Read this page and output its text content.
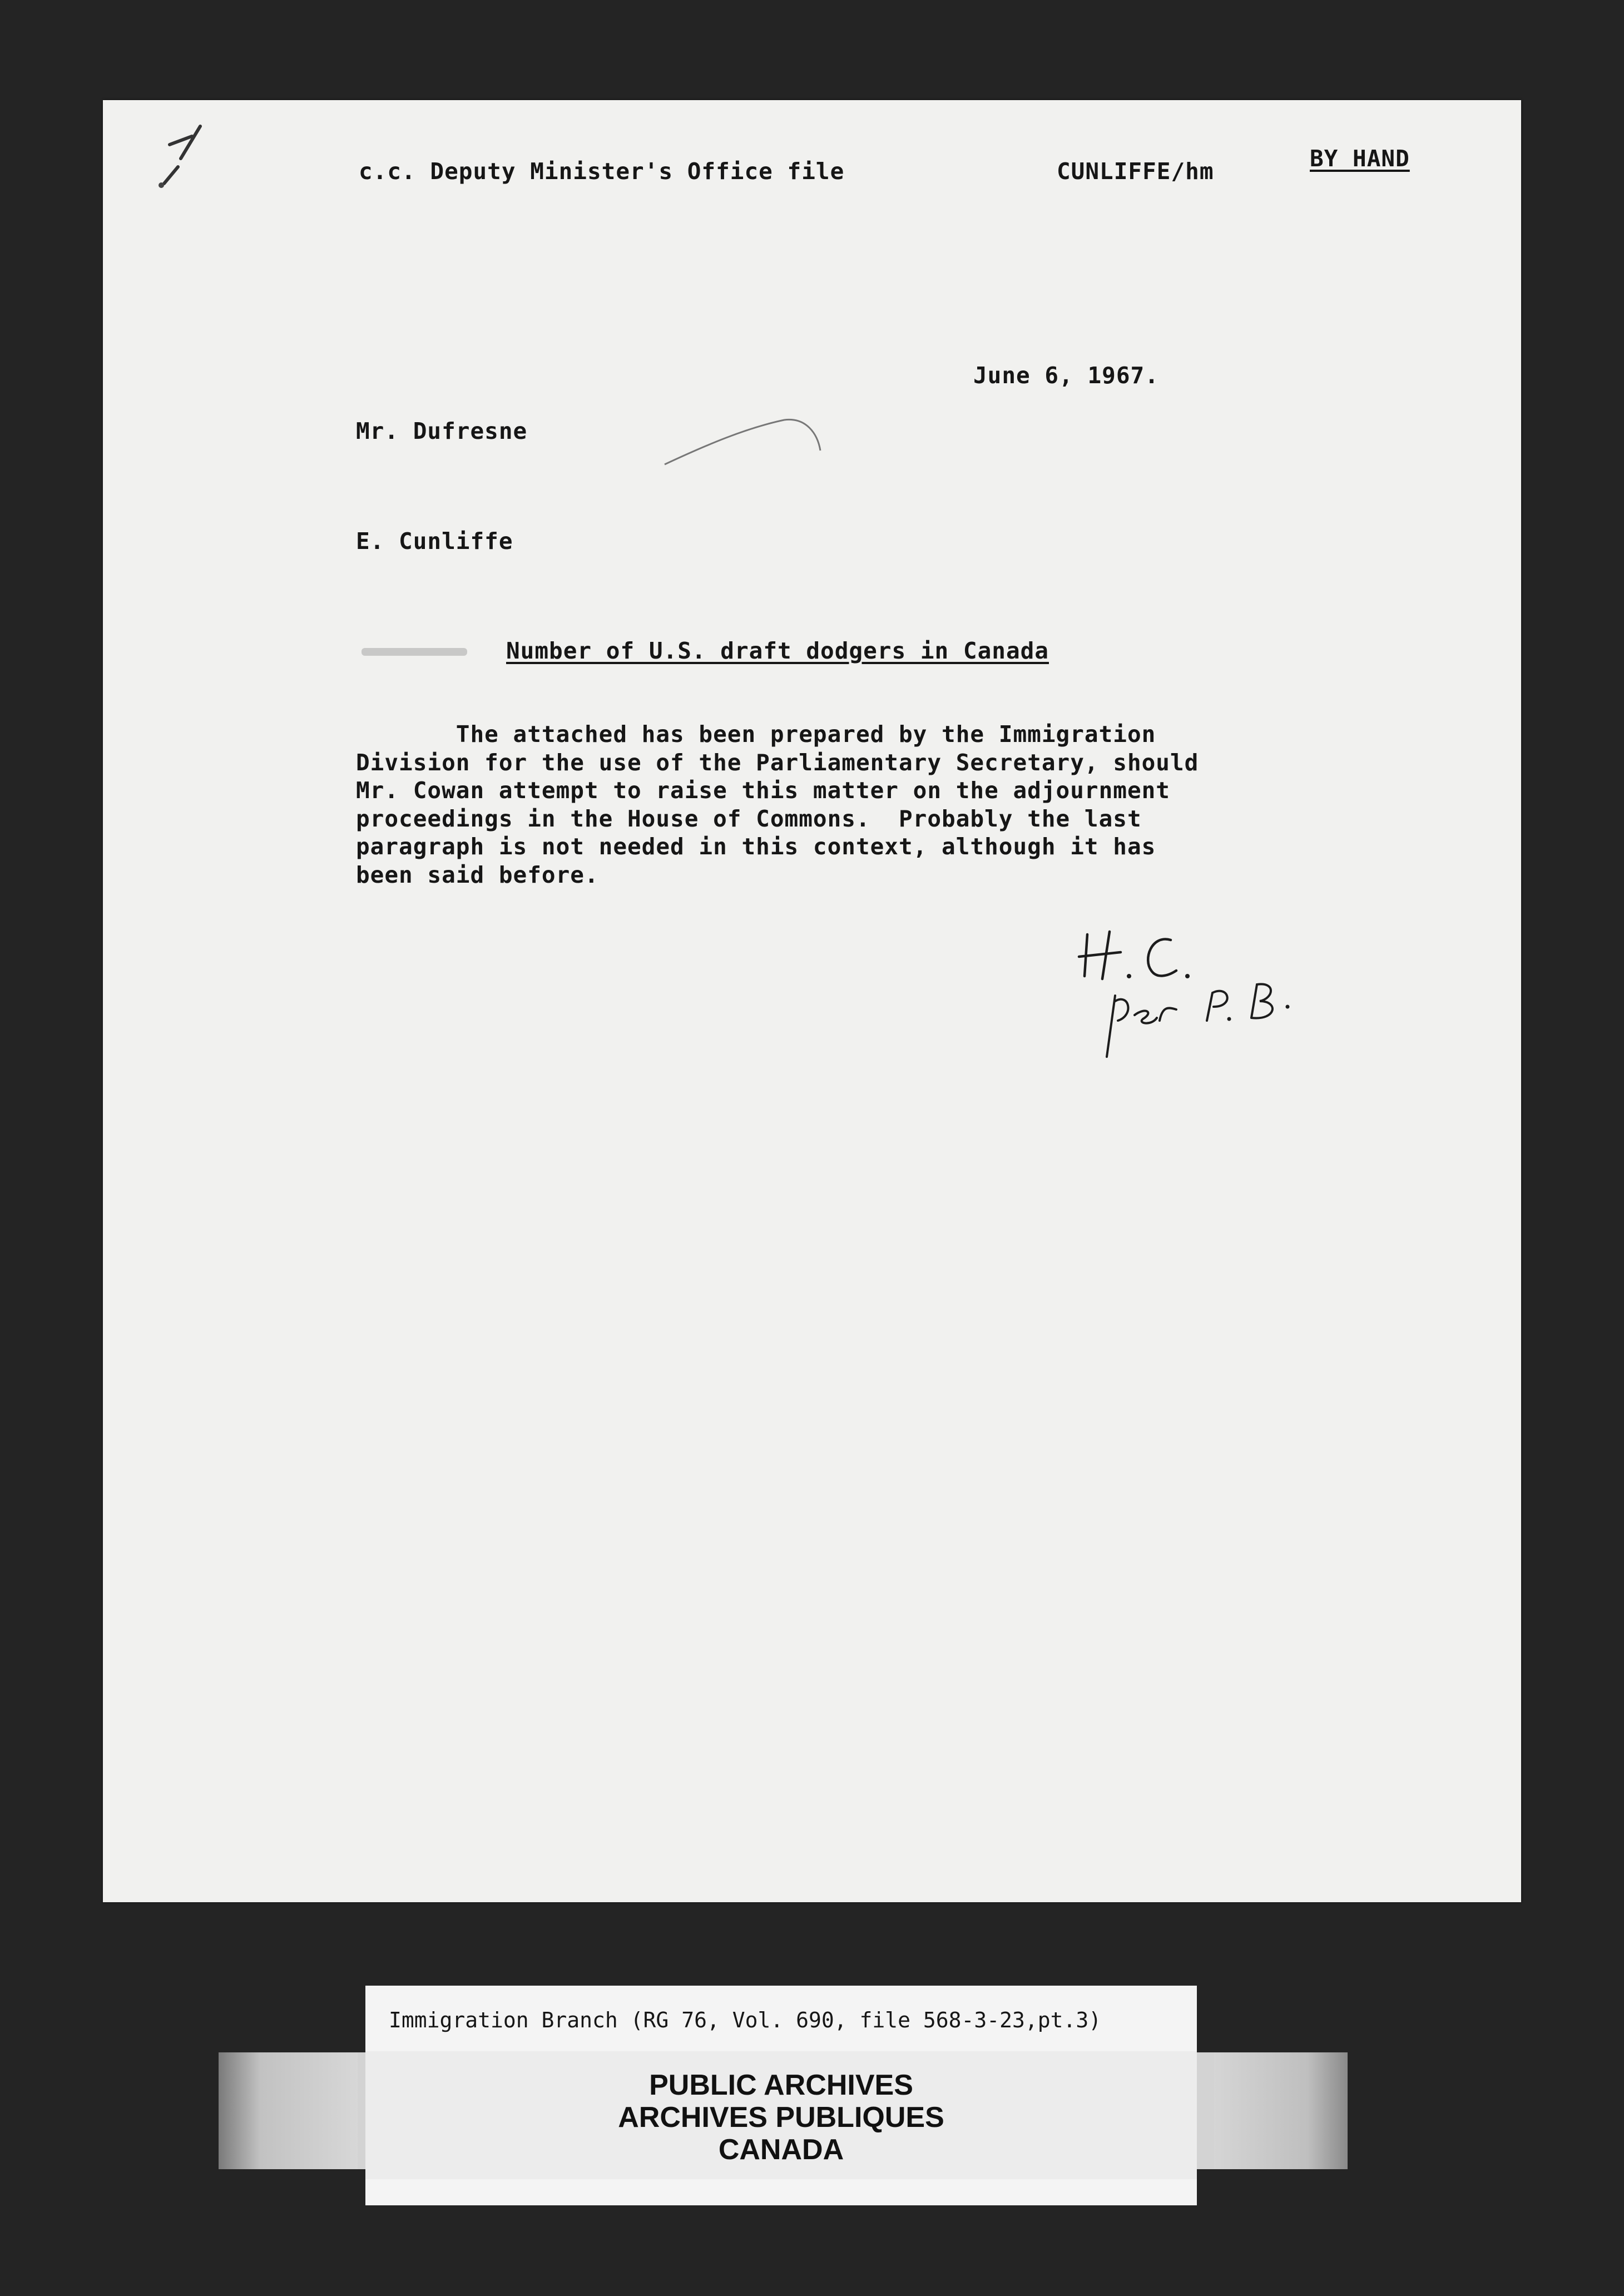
c.c. Deputy Minister's Office file	CUNLIFFE/hm	BY HAND
June 6, 1967.
Mr. Dufresne
E. Cunliffe
Number of U.S. draft dodgers in Canada
The attached has been prepared by the Immigration
Division for the use of the Parliamentary Secretary, should
Mr. Cowan attempt to raise this matter on the adjournment
proceedings in the House of Commons.  Probably the last
paragraph is not needed in this context, although it has
been said before.
Immigration Branch (RG 76, Vol. 690, file 568-3-23,pt.3)
PUBLIC ARCHIVES
ARCHIVES PUBLIQUES
CANADA
